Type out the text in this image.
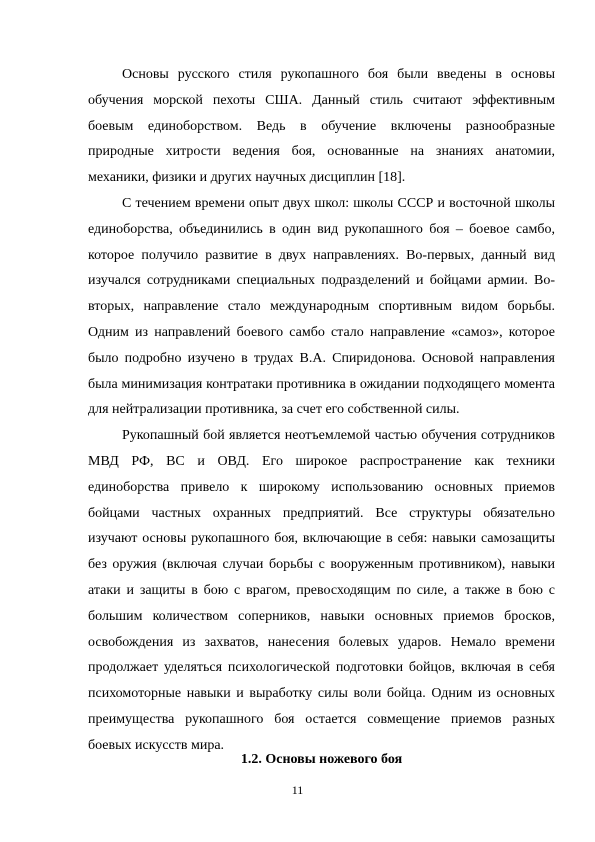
Основы русского стиля рукопашного боя были введены в основы обучения морской пехоты США. Данный стиль считают эффективным боевым единоборством. Ведь в обучение включены разнообразные природные хитрости ведения боя, основанные на знаниях анатомии, механики, физики и других научных дисциплин [18].

С течением времени опыт двух школ: школы СССР и восточной школы единоборства, объединились в один вид рукопашного боя – боевое самбо, которое получило развитие в двух направлениях. Во-первых, данный вид изучался сотрудниками специальных подразделений и бойцами армии. Во-вторых, направление стало международным спортивным видом борьбы. Одним из направлений боевого самбо стало направление «самоз», которое было подробно изучено в трудах В.А. Спиридонова. Основой направления была минимизация контратаки противника в ожидании подходящего момента для нейтрализации противника, за счет его собственной силы.

Рукопашный бой является неотъемлемой частью обучения сотрудников МВД РФ, ВС и ОВД. Его широкое распространение как техники единоборства привело к широкому использованию основных приемов бойцами частных охранных предприятий. Все структуры обязательно изучают основы рукопашного боя, включающие в себя: навыки самозащиты без оружия (включая случаи борьбы с вооруженным противником), навыки атаки и защиты в бою с врагом, превосходящим по силе, а также в бою с большим количеством соперников, навыки основных приемов бросков, освобождения из захватов, нанесения болевых ударов. Немало времени продолжает уделяться психологической подготовки бойцов, включая в себя психомоторные навыки и выработку силы воли бойца. Одним из основных преимущества рукопашного боя остается совмещение приемов разных боевых искусств мира.

1.2. Основы ножевого боя

11
